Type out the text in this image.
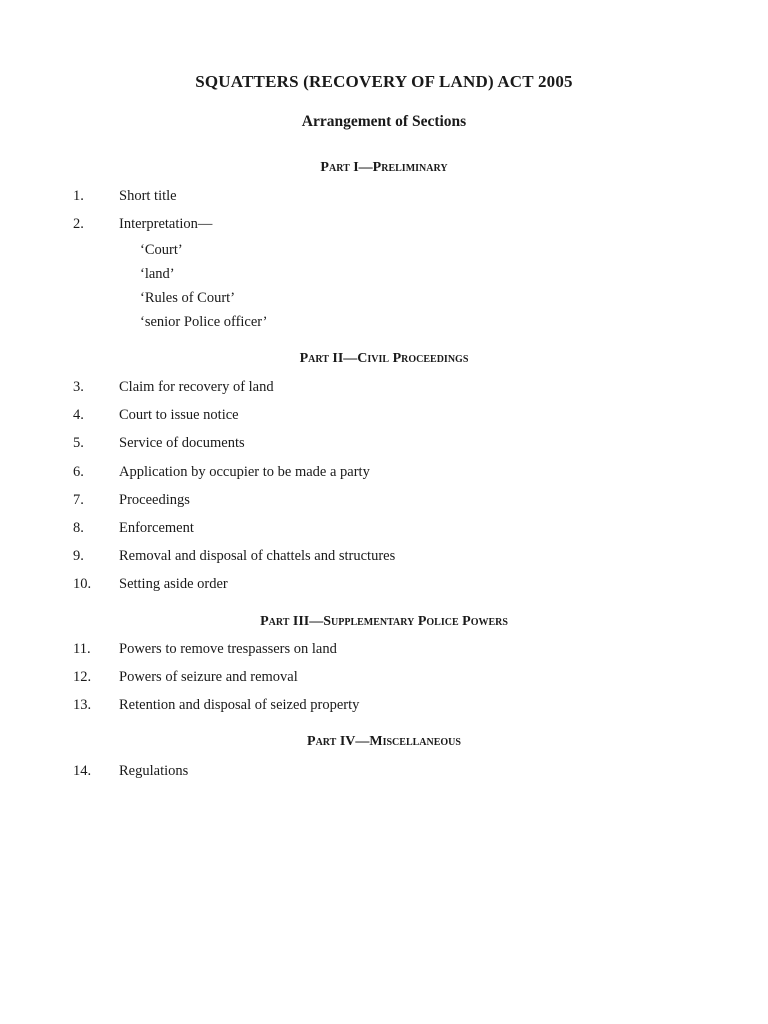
SQUATTERS (RECOVERY OF LAND) ACT 2005
Arrangement of Sections
Part I—Preliminary
1. Short title
2. Interpretation—
‘Court’
‘land’
‘Rules of Court’
‘senior Police officer’
Part II—Civil Proceedings
3. Claim for recovery of land
4. Court to issue notice
5. Service of documents
6. Application by occupier to be made a party
7. Proceedings
8. Enforcement
9. Removal and disposal of chattels and structures
10. Setting aside order
Part III—Supplementary Police Powers
11. Powers to remove trespassers on land
12. Powers of seizure and removal
13. Retention and disposal of seized property
Part IV—Miscellaneous
14. Regulations
